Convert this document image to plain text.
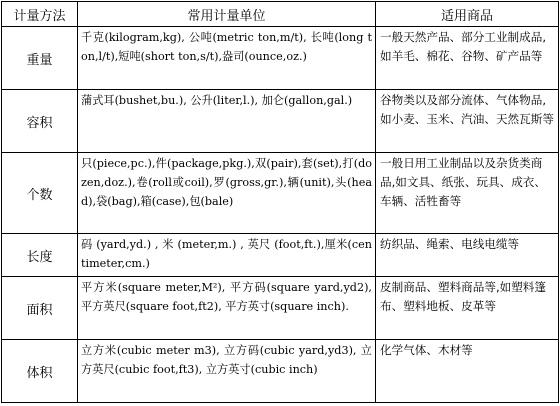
计量方法	常用计量单位	适用商品
重量	千克(kilogram,kg), 公吨(metric ton,m/t), 长吨(long ton,l/t),短吨(short ton,s/t),盎司(ounce,oz.)	一般天然产品、部分工业制成品,如羊毛、棉花、谷物、矿产品等
容积	蒲式耳(bushet,bu.), 公升(liter,l.), 加仑(gallon,gal.)	谷物类以及部分流体、气体物品,如小麦、玉米、汽油、天然瓦斯等
个数	只(piece,pc.),件(package,pkg.),双(pair),套(set),打(dozen,doz.),卷(roll或coil),罗(gross,gr.),辆(unit),头(head),袋(bag),箱(case),包(bale)	一般日用工业制品以及杂货类商品,如文具、纸张、玩具、成衣、车辆、活牲畜等
长度	码 (yard,yd.) , 米 (meter,m.) , 英尺 (foot,ft.),厘米(centimeter,cm.)	纺织品、绳索、电线电缆等
面积	平方米(square meter,M²), 平方码(square yard,yd2), 平方英尺(square foot,ft2), 平方英寸(square inch).	皮制商品、塑料商品等,如塑料篷布、塑料地板、皮革等
体积	立方米(cubic meter m3), 立方码(cubic yard,yd3), 立方英尺(cubic foot,ft3), 立方英寸(cubic inch)	化学气体、木材等
